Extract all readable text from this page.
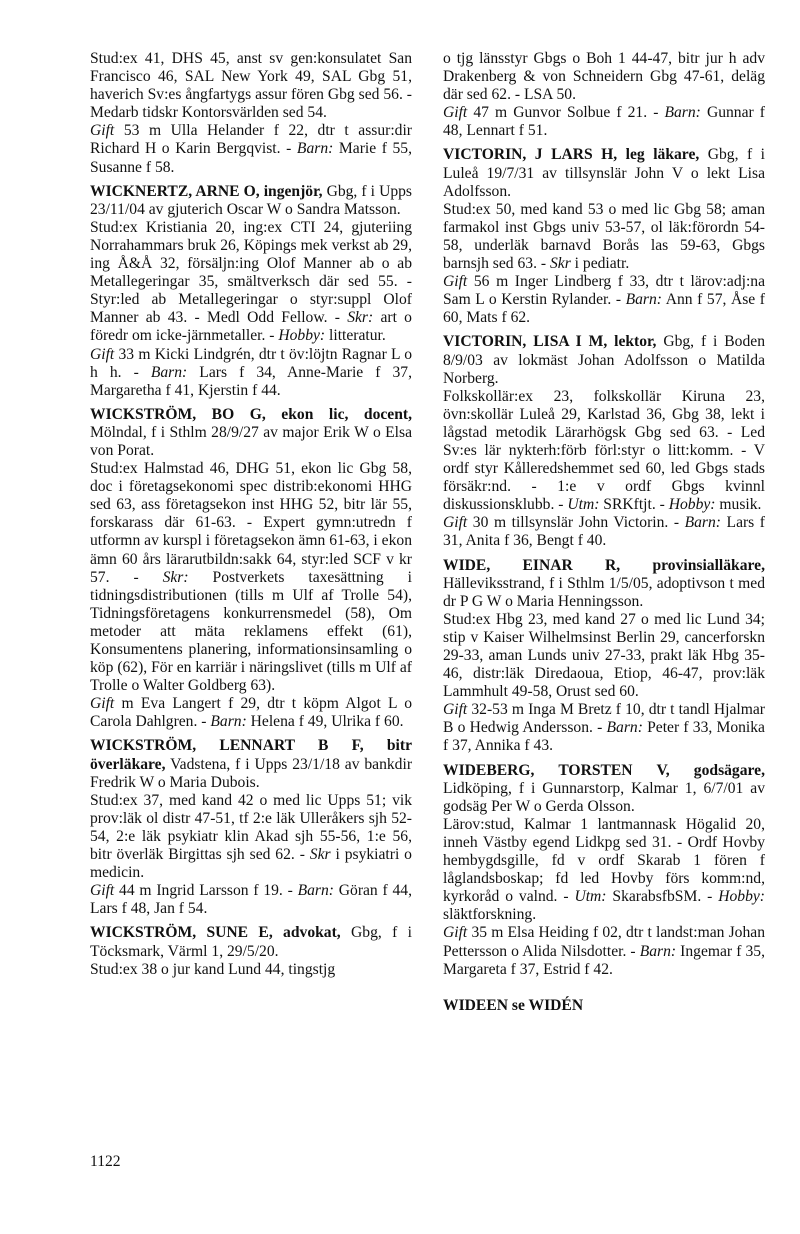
Stud:ex 41, DHS 45, anst sv gen:konsulatet San Francisco 46, SAL New York 49, SAL Gbg 51, haverich Sv:es ångfartygs assur fören Gbg sed 56. - Medarb tidskr Kontorsvärlden sed 54.

Gift 53 m Ulla Helander f 22, dtr t assur:dir Richard H o Karin Bergqvist. - Barn: Marie f 55, Susanne f 58.

WICKNERTZ, ARNE O, ingenjör, Gbg, f i Upps 23/11/04 av gjuterich Oscar W o Sandra Matsson.

Stud:ex Kristiania 20, ing:ex CTI 24, gjuteriing Norrahammars bruk 26, Köpings mek verkst ab 29, ing Å&Å 32, försäljn:ing Olof Manner ab o ab Metallegeringar 35, smältverksch där sed 55. - Styr:led ab Metallegeringar o styr:suppl Olof Manner ab 43. - Medl Odd Fellow. - Skr: art o föredr om icke-järnmetaller. - Hobby: litteratur.

Gift 33 m Kicki Lindgrén, dtr t öv:löjtn Ragnar L o h h. - Barn: Lars f 34, Anne-Marie f 37, Margaretha f 41, Kjerstin f 44.

WICKSTRÖM, BO G, ekon lic, docent, Mölndal, f i Sthlm 28/9/27 av major Erik W o Elsa von Porat.

Stud:ex Halmstad 46, DHG 51, ekon lic Gbg 58, doc i företagsekonomi spec distrib:ekonomi HHG sed 63, ass företagsekon inst HHG 52, bitr lär 55, forskarass där 61-63. - Expert gymn:utredn f utformn av kurspl i företagsekon ämn 61-63, i ekon ämn 60 års lärarutbildn:sakk 64, styr:led SCF v kr 57. - Skr: Postverkets taxesättning i tidningsdistributionen (tills m Ulf af Trolle 54), Tidningsföretagens konkurrensmedel (58), Om metoder att mäta reklamens effekt (61), Konsumentens planering, informationsinsamling o köp (62), För en karriär i näringslivet (tills m Ulf af Trolle o Walter Goldberg 63).

Gift m Eva Langert f 29, dtr t köpm Algot L o Carola Dahlgren. - Barn: Helena f 49, Ulrika f 60.

WICKSTRÖM, LENNART B F, bitr överläkare, Vadstena, f i Upps 23/1/18 av bankdir Fredrik W o Maria Dubois.

Stud:ex 37, med kand 42 o med lic Upps 51; vik prov:läk ol distr 47-51, tf 2:e läk Ulleråkers sjh 52-54, 2:e läk psykiatr klin Akad sjh 55-56, 1:e 56, bitr överläk Birgittas sjh sed 62. - Skr i psykiatri o medicin.

Gift 44 m Ingrid Larsson f 19. - Barn: Göran f 44, Lars f 48, Jan f 54.

WICKSTRÖM, SUNE E, advokat, Gbg, f i Töcksmark, Värml 1, 29/5/20.

Stud:ex 38 o jur kand Lund 44, tingstjg

o tjg länsstyr Gbgs o Boh 1 44-47, bitr jur h adv Drakenberg & von Schneidern Gbg 47-61, deläg där sed 62. - LSA 50.

Gift 47 m Gunvor Solbue f 21. - Barn: Gunnar f 48, Lennart f 51.

VICTORIN, J LARS H, leg läkare, Gbg, f i Luleå 19/7/31 av tillsynslär John V o lekt Lisa Adolfsson.

Stud:ex 50, med kand 53 o med lic Gbg 58; aman farmakol inst Gbgs univ 53-57, ol läk:förordn 54-58, underläk barnavd Borås las 59-63, Gbgs barnsjh sed 63. - Skr i pediatr.

Gift 56 m Inger Lindberg f 33, dtr t lärov:adj:na Sam L o Kerstin Rylander. - Barn: Ann f 57, Åse f 60, Mats f 62.

VICTORIN, LISA I M, lektor, Gbg, f i Boden 8/9/03 av lokmäst Johan Adolfsson o Matilda Norberg.

Folkskollär:ex 23, folkskollär Kiruna 23, övn:skollär Luleå 29, Karlstad 36, Gbg 38, lekt i lågstad metodik Lärarhögsk Gbg sed 63. - Led Sv:es lär nykterh:förb förl:styr o litt:komm. - V ordf styr Kålleredshemmet sed 60, led Gbgs stads försäkr:nd. - 1:e v ordf Gbgs kvinnl diskussionsklubb. - Utm: SRKftjt. - Hobby: musik.

Gift 30 m tillsynslär John Victorin. - Barn: Lars f 31, Anita f 36, Bengt f 40.

WIDE, EINAR R, provinsialläkare, Hälleviksstrand, f i Sthlm 1/5/05, adoptivson t med dr P G W o Maria Henningsson.

Stud:ex Hbg 23, med kand 27 o med lic Lund 34; stip v Kaiser Wilhelmsinst Berlin 29, cancerforskn 29-33, aman Lunds univ 27-33, prakt läk Hbg 35-46, distr:läk Diredaoua, Etiop, 46-47, prov:läk Lammhult 49-58, Orust sed 60.

Gift 32-53 m Inga M Bretz f 10, dtr t tandl Hjalmar B o Hedwig Andersson. - Barn: Peter f 33, Monika f 37, Annika f 43.

WIDEBERG, TORSTEN V, godsägare, Lidköping, f i Gunnarstorp, Kalmar 1, 6/7/01 av godsäg Per W o Gerda Olsson.

Lärov:stud, Kalmar 1 lantmannask Högalid 20, inneh Västby egend Lidkpg sed 31. - Ordf Hovby hembygdsgille, fd v ordf Skarab 1 fören f låglandsboskap; fd led Hovby förs komm:nd, kyrkoråd o valnd. - Utm: SkarabsfbSM. - Hobby: släktforskning.

Gift 35 m Elsa Heiding f 02, dtr t landst:man Johan Pettersson o Alida Nilsdotter. - Barn: Ingemar f 35, Margareta f 37, Estrid f 42.

WIDEEN se WIDÉN

1122
